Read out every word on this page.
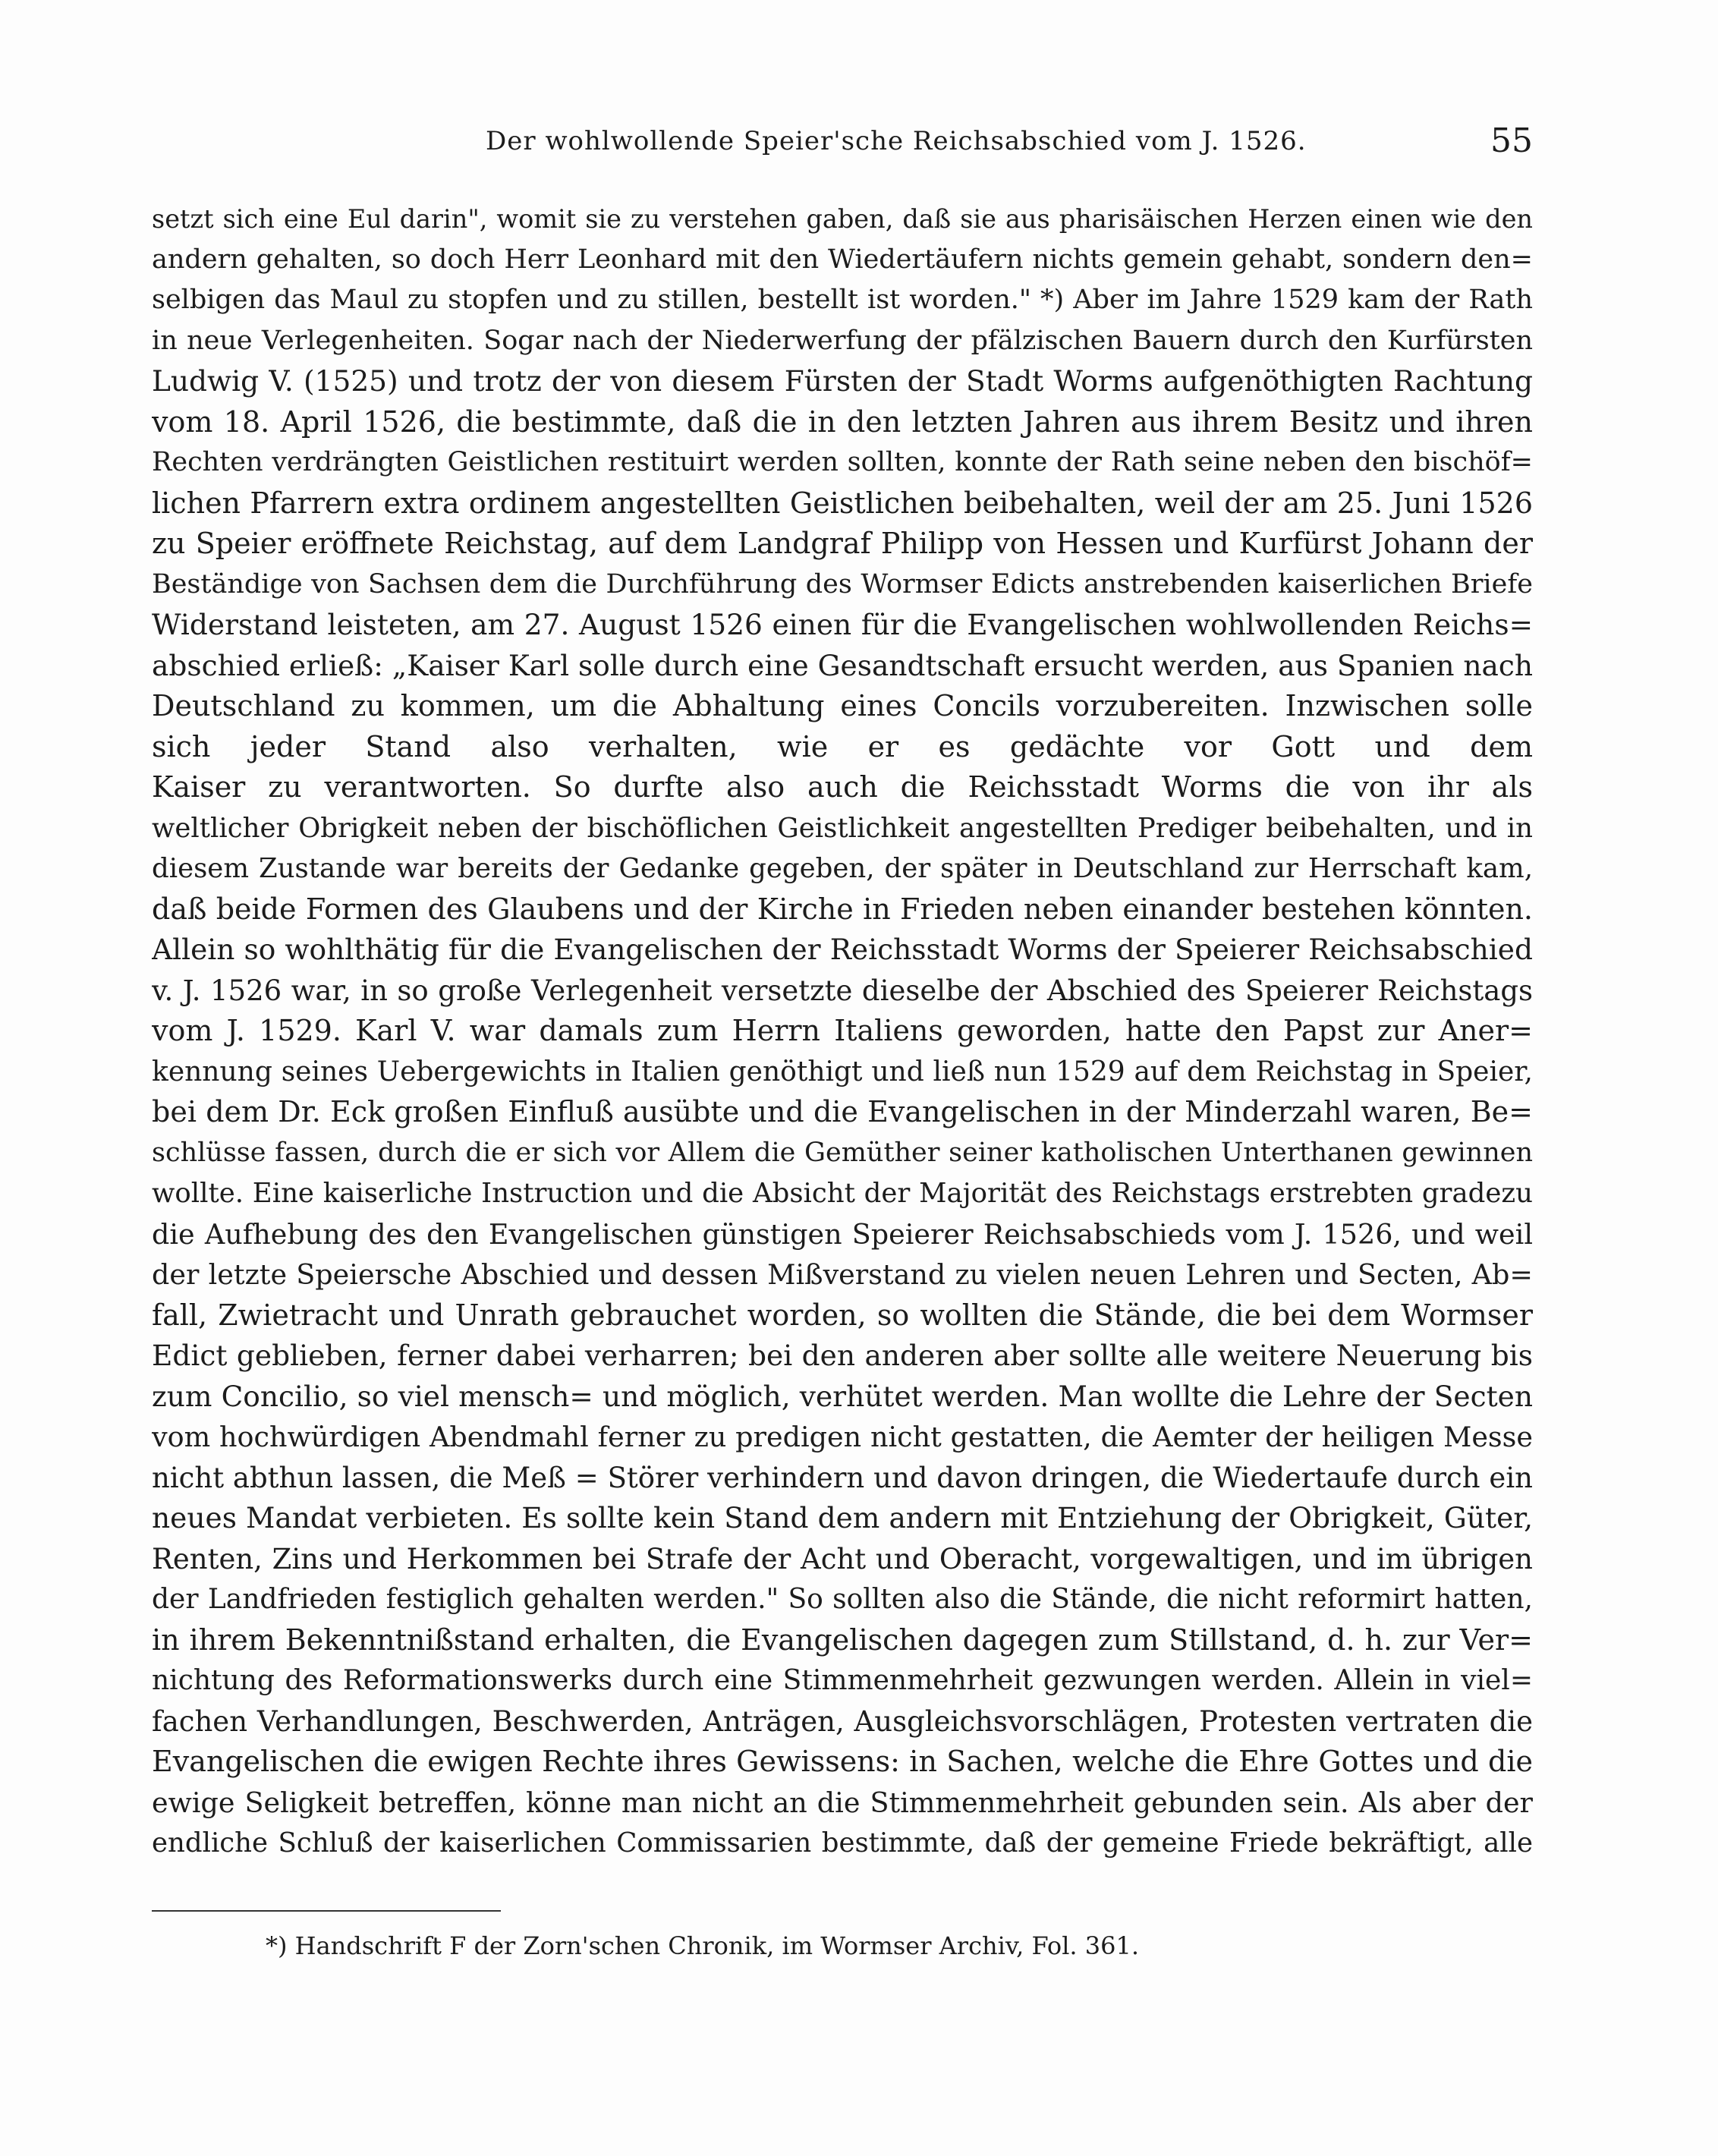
Der wohlwollende Speier'sche Reichsabschied vom J. 1526.	55
setzt sich eine Eul darin", womit sie zu verstehen gaben, daß sie aus pharisäischen Herzen einen wie den
andern gehalten, so doch Herr Leonhard mit den Wiedertäufern nichts gemein gehabt, sondern den=
selbigen das Maul zu stopfen und zu stillen, bestellt ist worden." *) Aber im Jahre 1529 kam der Rath
in neue Verlegenheiten. Sogar nach der Niederwerfung der pfälzischen Bauern durch den Kurfürsten
Ludwig V. (1525) und trotz der von diesem Fürsten der Stadt Worms aufgenöthigten Rachtung
vom 18. April 1526, die bestimmte, daß die in den letzten Jahren aus ihrem Besitz und ihren
Rechten verdrängten Geistlichen restituirt werden sollten, konnte der Rath seine neben den bischöf=
lichen Pfarrern extra ordinem angestellten Geistlichen beibehalten, weil der am 25. Juni 1526
zu Speier eröffnete Reichstag, auf dem Landgraf Philipp von Hessen und Kurfürst Johann der
Beständige von Sachsen dem die Durchführung des Wormser Edicts anstrebenden kaiserlichen Briefe
Widerstand leisteten, am 27. August 1526 einen für die Evangelischen wohlwollenden Reichs=
abschied erließ: „Kaiser Karl solle durch eine Gesandtschaft ersucht werden, aus Spanien nach
Deutschland zu kommen, um die Abhaltung eines Concils vorzubereiten. Inzwischen solle
sich jeder Stand also verhalten, wie er es gedächte vor Gott und dem
Kaiser zu verantworten. So durfte also auch die Reichsstadt Worms die von ihr als
weltlicher Obrigkeit neben der bischöflichen Geistlichkeit angestellten Prediger beibehalten, und in
diesem Zustande war bereits der Gedanke gegeben, der später in Deutschland zur Herrschaft kam,
daß beide Formen des Glaubens und der Kirche in Frieden neben einander bestehen könnten.
Allein so wohlthätig für die Evangelischen der Reichsstadt Worms der Speierer Reichsabschied
v. J. 1526 war, in so große Verlegenheit versetzte dieselbe der Abschied des Speierer Reichstags
vom J. 1529. Karl V. war damals zum Herrn Italiens geworden, hatte den Papst zur Aner=
kennung seines Uebergewichts in Italien genöthigt und ließ nun 1529 auf dem Reichstag in Speier,
bei dem Dr. Eck großen Einfluß ausübte und die Evangelischen in der Minderzahl waren, Be=
schlüsse fassen, durch die er sich vor Allem die Gemüther seiner katholischen Unterthanen gewinnen
wollte. Eine kaiserliche Instruction und die Absicht der Majorität des Reichstags erstrebten gradezu
die Aufhebung des den Evangelischen günstigen Speierer Reichsabschieds vom J. 1526, und weil
der letzte Speiersche Abschied und dessen Mißverstand zu vielen neuen Lehren und Secten, Ab=
fall, Zwietracht und Unrath gebrauchet worden, so wollten die Stände, die bei dem Wormser
Edict geblieben, ferner dabei verharren; bei den anderen aber sollte alle weitere Neuerung bis
zum Concilio, so viel mensch= und möglich, verhütet werden. Man wollte die Lehre der Secten
vom hochwürdigen Abendmahl ferner zu predigen nicht gestatten, die Aemter der heiligen Messe
nicht abthun lassen, die Meß = Störer verhindern und davon dringen, die Wiedertaufe durch ein
neues Mandat verbieten. Es sollte kein Stand dem andern mit Entziehung der Obrigkeit, Güter,
Renten, Zins und Herkommen bei Strafe der Acht und Oberacht, vorgewaltigen, und im übrigen
der Landfrieden festiglich gehalten werden." So sollten also die Stände, die nicht reformirt hatten,
in ihrem Bekenntnißstand erhalten, die Evangelischen dagegen zum Stillstand, d. h. zur Ver=
nichtung des Reformationswerks durch eine Stimmenmehrheit gezwungen werden. Allein in viel=
fachen Verhandlungen, Beschwerden, Anträgen, Ausgleichsvorschlägen, Protesten vertraten die
Evangelischen die ewigen Rechte ihres Gewissens: in Sachen, welche die Ehre Gottes und die
ewige Seligkeit betreffen, könne man nicht an die Stimmenmehrheit gebunden sein. Als aber der
endliche Schluß der kaiserlichen Commissarien bestimmte, daß der gemeine Friede bekräftigt, alle
*) Handschrift F der Zorn'schen Chronik, im Wormser Archiv, Fol. 361.
